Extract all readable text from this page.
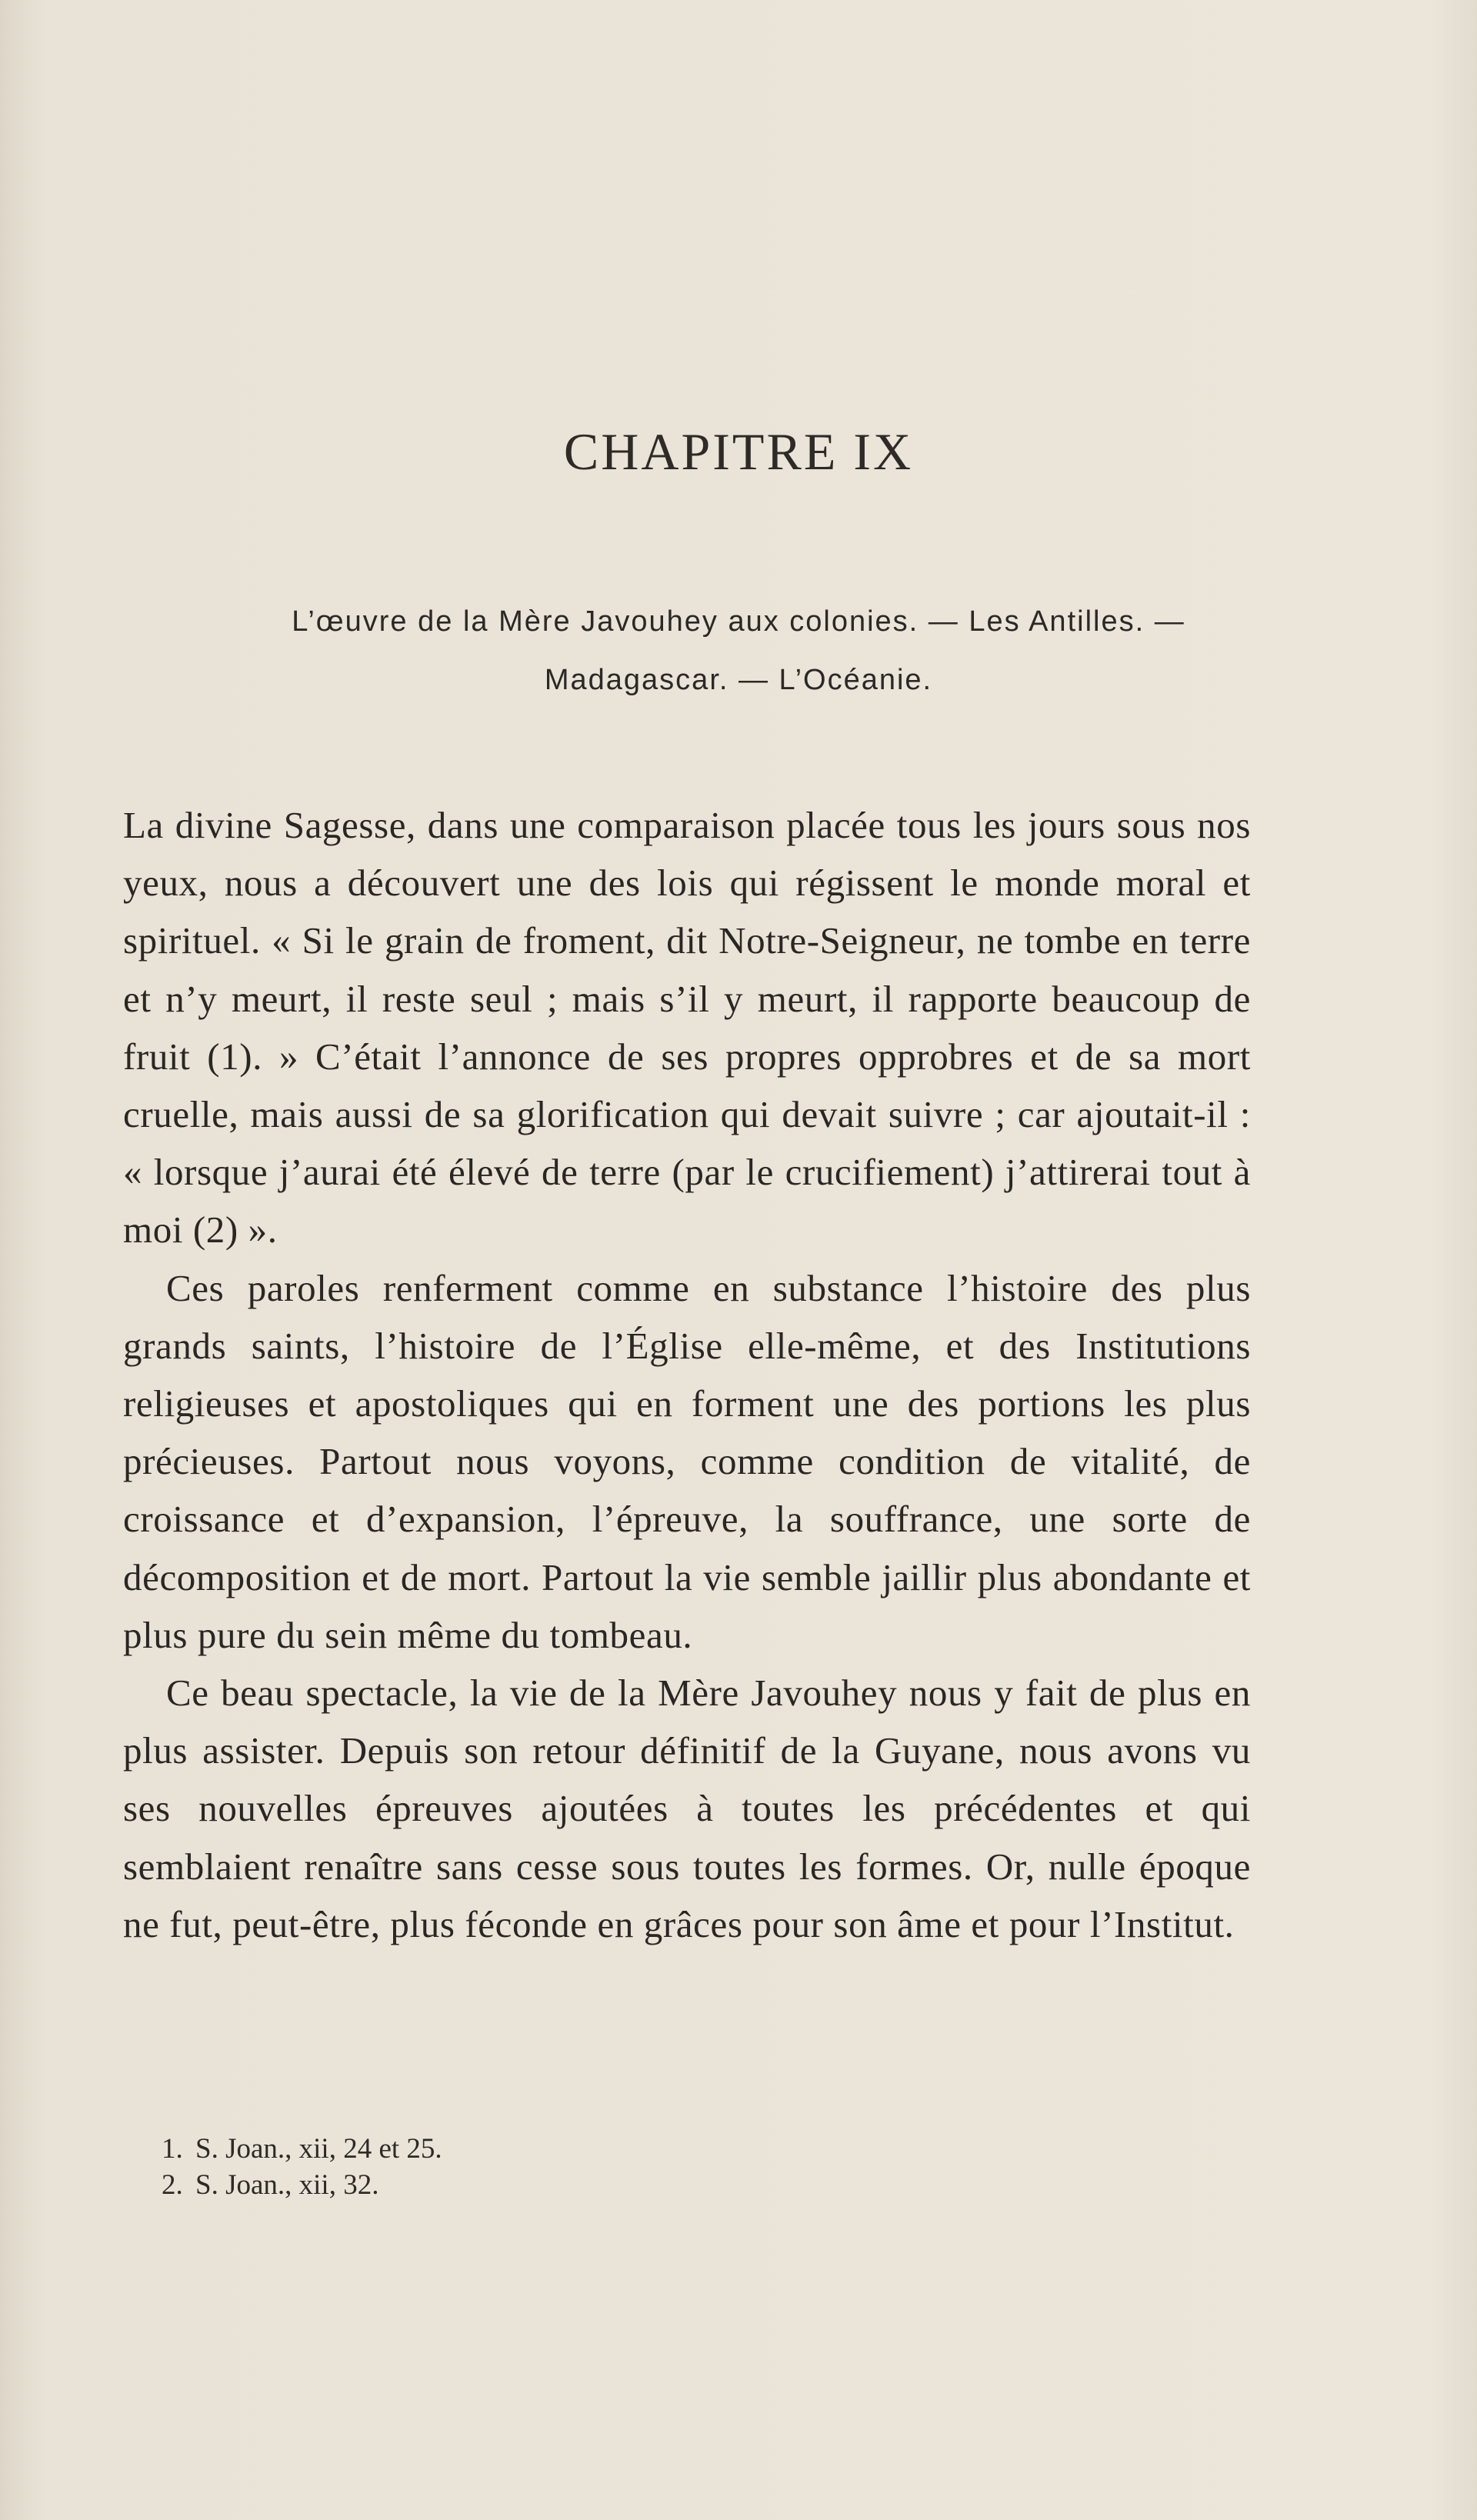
CHAPITRE IX
L’œuvre de la Mère Javouhey aux colonies. — Les Antilles. —
Madagascar. — L’Océanie.

La divine Sagesse, dans une comparaison placée tous les jours sous nos yeux, nous a découvert une des lois qui régissent le monde moral et spirituel. « Si le grain de froment, dit Notre-Seigneur, ne tombe en terre et n’y meurt, il reste seul ; mais s’il y meurt, il rapporte beaucoup de fruit (1). » C’était l’annonce de ses propres opprobres et de sa mort cruelle, mais aussi de sa glorification qui devait suivre ; car ajoutait-il : « lorsque j’aurai été élevé de terre (par le crucifiement) j’attirerai tout à moi (2) ».

Ces paroles renferment comme en substance l’histoire des plus grands saints, l’histoire de l’Église elle-même, et des Institutions religieuses et apostoliques qui en forment une des portions les plus précieuses. Partout nous voyons, comme condition de vitalité, de croissance et d’expansion, l’épreuve, la souffrance, une sorte de décomposition et de mort. Partout la vie semble jaillir plus abondante et plus pure du sein même du tombeau.

Ce beau spectacle, la vie de la Mère Javouhey nous y fait de plus en plus assister. Depuis son retour définitif de la Guyane, nous avons vu ses nouvelles épreuves ajoutées à toutes les précédentes et qui semblaient renaître sans cesse sous toutes les formes. Or, nulle époque ne fut, peut-être, plus féconde en grâces pour son âme et pour l’Institut.

1. S. Joan., xii, 24 et 25.
2. S. Joan., xii, 32.
